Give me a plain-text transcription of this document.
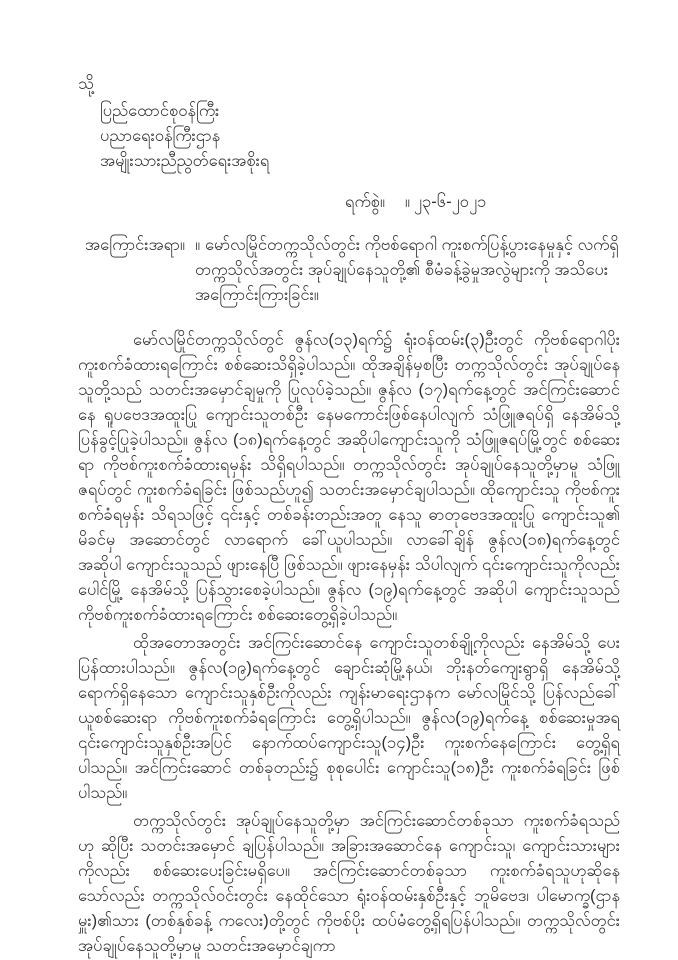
သို့
ပြည်ထောင်စုဝန်ကြီး
ပညာရေးဝန်ကြီးဌာန
အမျိုးသားညီညွတ်ရေးအစိုးရ
ရက်စွဲ။ ။ ၂၃-၆-၂၀၂၁
အကြောင်းအရာ။ ။ မော်လမြိုင်တက္ကသိုလ်တွင်း ကိုဗစ်ရောဂါ ကူးစက်ပြန့်ပွားနေမှုနှင့် လက်ရှိ တက္ကသိုလ်အတွင်း အုပ်ချုပ်နေသူတို့၏ စီမံခန့်ခွဲမှုအလွဲများကို အသိပေး အကြောင်းကြားခြင်း။

မော်လမြိုင်တက္ကသိုလ်တွင် ဇွန်လ(၁၃)ရက်၌ ရုံးဝန်ထမ်း(၃)ဦးတွင် ကိုဗစ်ရောဂါပိုး ကူးစက်ခံထားရကြောင်း စစ်ဆေးသိရှိခဲ့ပါသည်။ ထိုအချိန်မှစပြီး တက္ကသိုလ်တွင်း အုပ်ချုပ်နေသူတို့သည် သတင်းအမှောင်ချမှုကို ပြုလုပ်ခဲ့သည်။ ဇွန်လ (၁၇)ရက်နေ့တွင် အင်ကြင်းဆောင်နေ ရူပဗေဒအထူးပြု ကျောင်းသူတစ်ဦး နေမကောင်းဖြစ်နေပါလျက် သံဖြူဇရပ်ရှိ နေအိမ်သို့ ပြန်ခွင့်ပြုခဲ့ပါသည်။ ဇွန်လ (၁၈)ရက်နေ့တွင် အဆိုပါကျောင်းသူကို သံဖြူဇရပ်မြို့တွင် စစ်ဆေးရာ ကိုဗစ်ကူးစက်ခံထားရမှန်း သိရှိရပါသည်။ တက္ကသိုလ်တွင်း အုပ်ချုပ်နေသူတို့မှာမူ သံဖြူဇရပ်တွင် ကူးစက်ခံရခြင်း ဖြစ်သည်ဟူ၍ သတင်းအမှောင်ချပါသည်။ ထိုကျောင်းသူ ကိုဗစ်ကူးစက်ခံရမှန်း သိရသဖြင့် ၎င်းနှင့် တစ်ခန်းတည်းအတူ နေသူ ဓာတုဗေဒအထူးပြု ကျောင်းသူ၏ မိခင်မှ အဆောင်တွင် လာရောက် ခေါ်ယူပါသည်။ လာခေါ်ချိန် ဇွန်လ(၁၈)ရက်နေ့တွင် အဆိုပါ ကျောင်းသူသည် ဖျားနေပြီ ဖြစ်သည်။ ဖျားနေမှန်း သိပါလျက် ၎င်းကျောင်းသူကိုလည်း ပေါင်မြို့ နေအိမ်သို့ ပြန်သွားစေခဲ့ပါသည်။ ဇွန်လ (၁၉)ရက်နေ့တွင် အဆိုပါ ကျောင်းသူသည် ကိုဗစ်ကူးစက်ခံထားရကြောင်း စစ်ဆေးတွေ့ရှိခဲ့ပါသည်။

ထိုအတောအတွင်း အင်ကြင်းဆောင်နေ ကျောင်းသူတစ်ချို့ကိုလည်း နေအိမ်သို့ ပေးပြန်ထားပါသည်။ ဇွန်လ(၁၉)ရက်နေ့တွင် ချောင်းဆုံမြို့နယ်၊ ဘိုးနတ်ကျေးရွာရှိ နေအိမ်သို့ ရောက်ရှိနေသော ကျောင်းသူနှစ်ဦးကိုလည်း ကျန်းမာရေးဌာနက မော်လမြိုင်သို့ ပြန်လည်ခေါ်ယူစစ်ဆေးရာ ကိုဗစ်ကူးစက်ခံရကြောင်း တွေ့ရှိပါသည်။ ဇွန်လ(၁၉)ရက်နေ့ စစ်ဆေးမှုအရ ၎င်းကျောင်းသူနှစ်ဦးအပြင် နောက်ထပ်ကျောင်းသူ(၁၄)ဦး ကူးစက်နေကြောင်း တွေ့ရှိရပါသည်။ အင်ကြင်းဆောင် တစ်ခုတည်း၌ စုစုပေါင်း ကျောင်းသူ(၁၈)ဦး ကူးစက်ခံရခြင်း ဖြစ်ပါသည်။

တက္ကသိုလ်တွင်း အုပ်ချုပ်နေသူတို့မှာ အင်ကြင်းဆောင်တစ်ခုသာ ကူးစက်ခံရသည်ဟု ဆိုပြီး သတင်းအမှောင် ချပြန်ပါသည်။ အခြားအဆောင်နေ ကျောင်းသူ၊ ကျောင်းသားများကိုလည်း စစ်ဆေးပေးခြင်းမရှိပေ။ အင်ကြင်းဆောင်တစ်ခုသာ ကူးစက်ခံရသူဟုဆိုနေသော်လည်း တက္ကသိုလ်ဝင်းတွင်း နေထိုင်သော ရုံးဝန်ထမ်းနှစ်ဦးနှင့် ဘူမိဗေဒ၊ ပါမောက္ခ(ဌာနမှူး)၏သား (တစ်နှစ်ခန့် ကလေး)တို့တွင် ကိုဗစ်ပိုး ထပ်မံတွေ့ရှိရပြန်ပါသည်။ တက္ကသိုလ်တွင်း အုပ်ချုပ်နေသူတို့မှာမူ သတင်းအမှောင်ချကာ
